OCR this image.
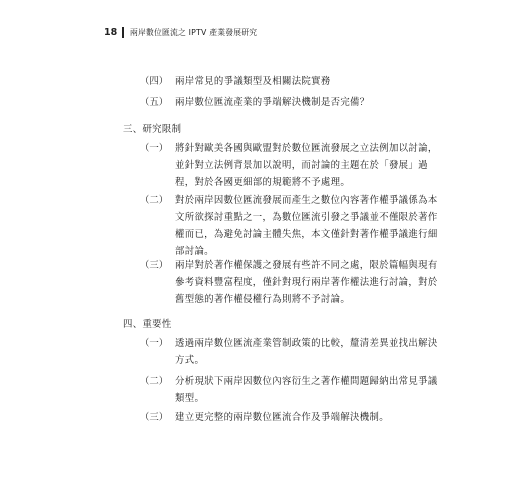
18	兩岸數位匯流之 IPTV 產業發展研究
（四） 兩岸常見的爭議類型及相關法院實務
（五） 兩岸數位匯流產業的爭端解決機制是否完備？
三、研究限制
（一） 將針對歐美各國與歐盟對於數位匯流發展之立法例加以討論，
並針對立法例背景加以說明，而討論的主題在於「發展」過
程，對於各國更細部的規範將不予處理。
（二） 對於兩岸因數位匯流發展而產生之數位內容著作權爭議係為本
文所欲探討重點之一，為數位匯流引發之爭議並不僅限於著作
權而已，為避免討論主體失焦，本文僅針對著作權爭議進行細
部討論。
（三） 兩岸對於著作權保護之發展有些許不同之處，限於篇幅與現有
參考資料豐富程度，僅針對現行兩岸著作權法進行討論，對於
舊型態的著作權侵權行為則將不予討論。
四、重要性
（一） 透過兩岸數位匯流產業管制政策的比較，釐清差異並找出解決
方式。
（二） 分析現狀下兩岸因數位內容衍生之著作權問題歸納出常見爭議
類型。
（三） 建立更完整的兩岸數位匯流合作及爭端解決機制。
